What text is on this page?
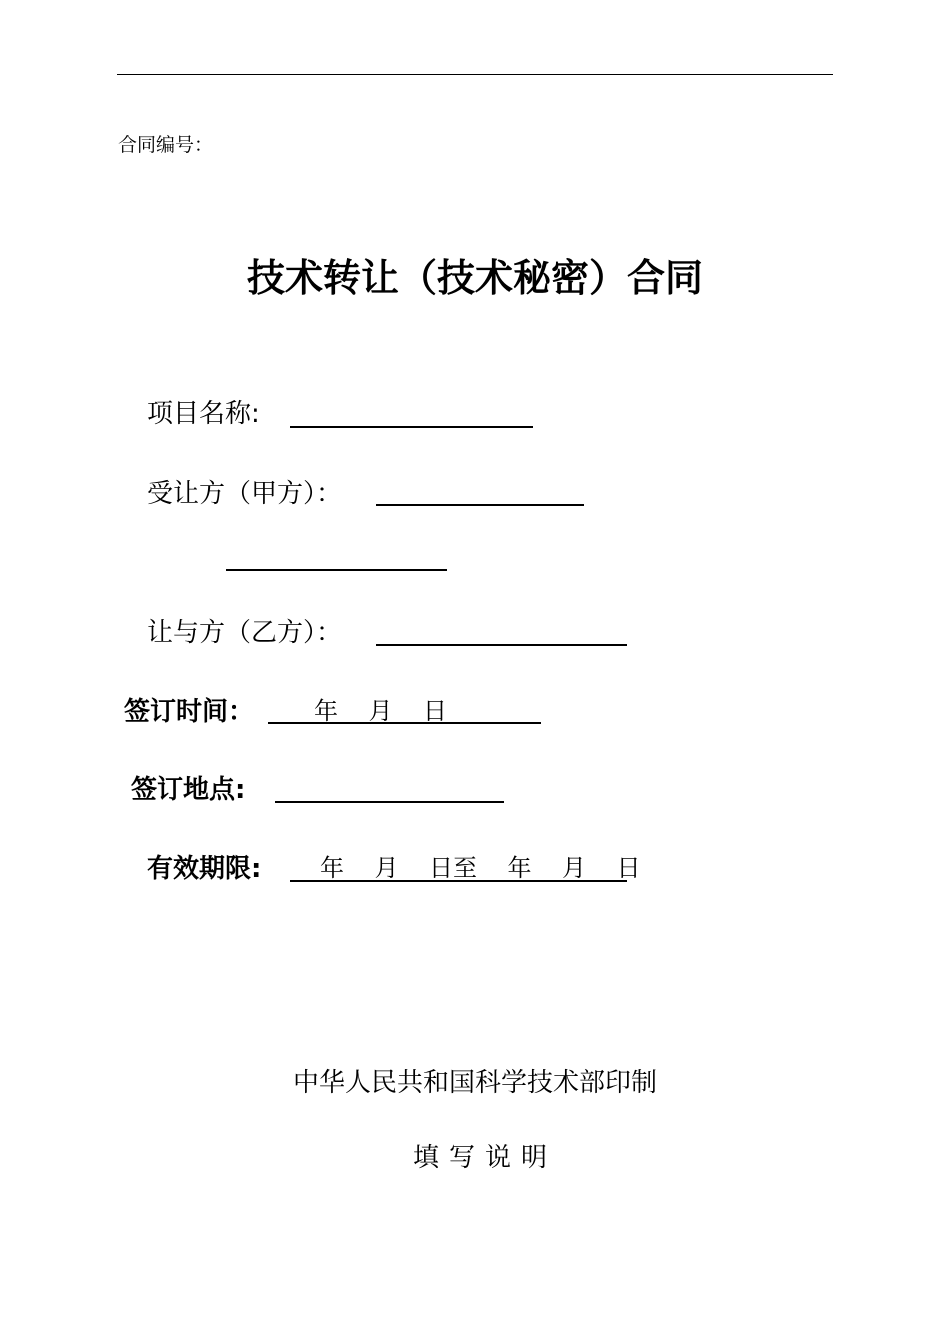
合同编号：
技术转让（技术秘密）合同
项目名称:
受让方（甲方）：
让与方（乙方）：
签订时间： 年    月    日
签订地点:
有效期限: 年    月    日至    年    月    日
中华人民共和国科学技术部印制
填写说明
